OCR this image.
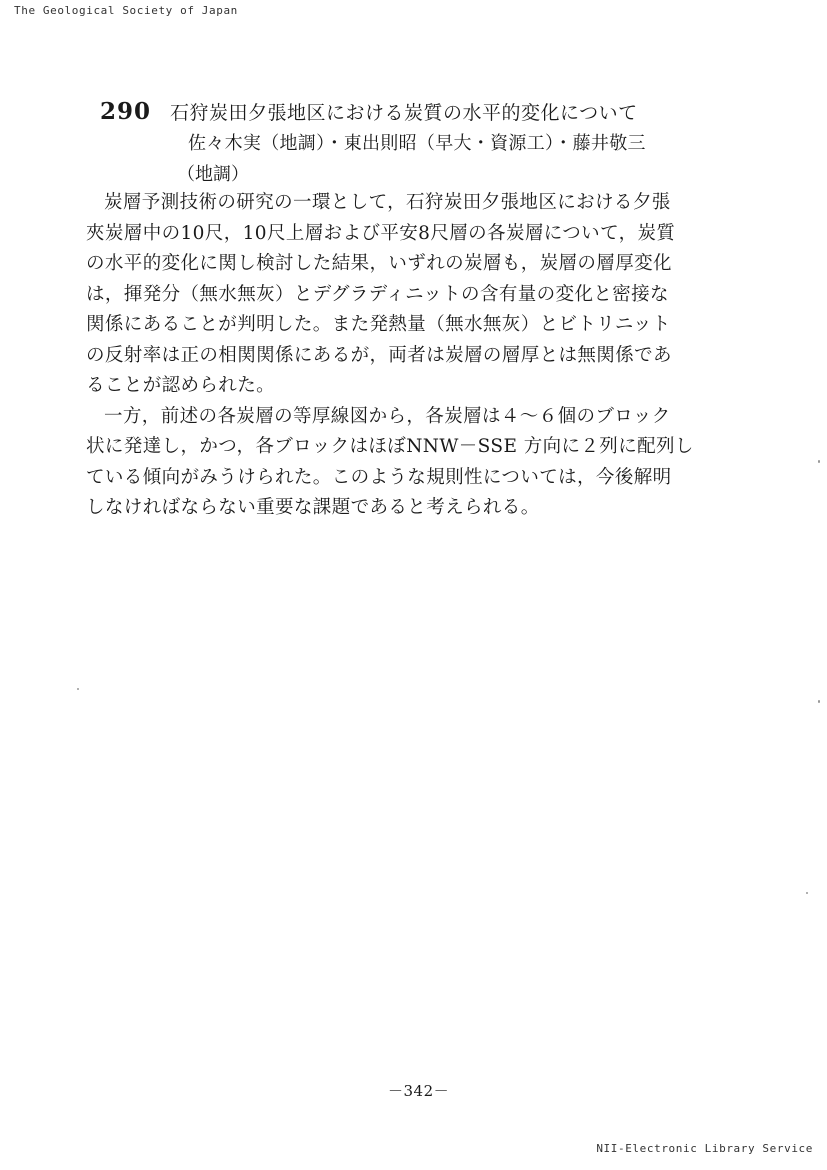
The Geological Society of Japan
290 石狩炭田夕張地区における炭質の水平的変化について
佐々木実（地調）・東出則昭（早大・資源工）・藤井敬三
（地調）
炭層予測技術の研究の一環として，石狩炭田夕張地区における夕張
夾炭層中の10尺，10尺上層および平安8尺層の各炭層について，炭質
の水平的変化に関し検討した結果，いずれの炭層も，炭層の層厚変化
は，揮発分（無水無灰）とデグラディニットの含有量の変化と密接な
関係にあることが判明した。また発熱量（無水無灰）とビトリニット
の反射率は正の相関関係にあるが，両者は炭層の層厚とは無関係であ
ることが認められた。
一方，前述の各炭層の等厚線図から，各炭層は４～６個のブロック
状に発達し，かつ，各ブロックはほぼNNW－SSE 方向に２列に配列し
ている傾向がみうけられた。このような規則性については，今後解明
しなければならない重要な課題であると考えられる。
－342－
NII-Electronic Library Service
